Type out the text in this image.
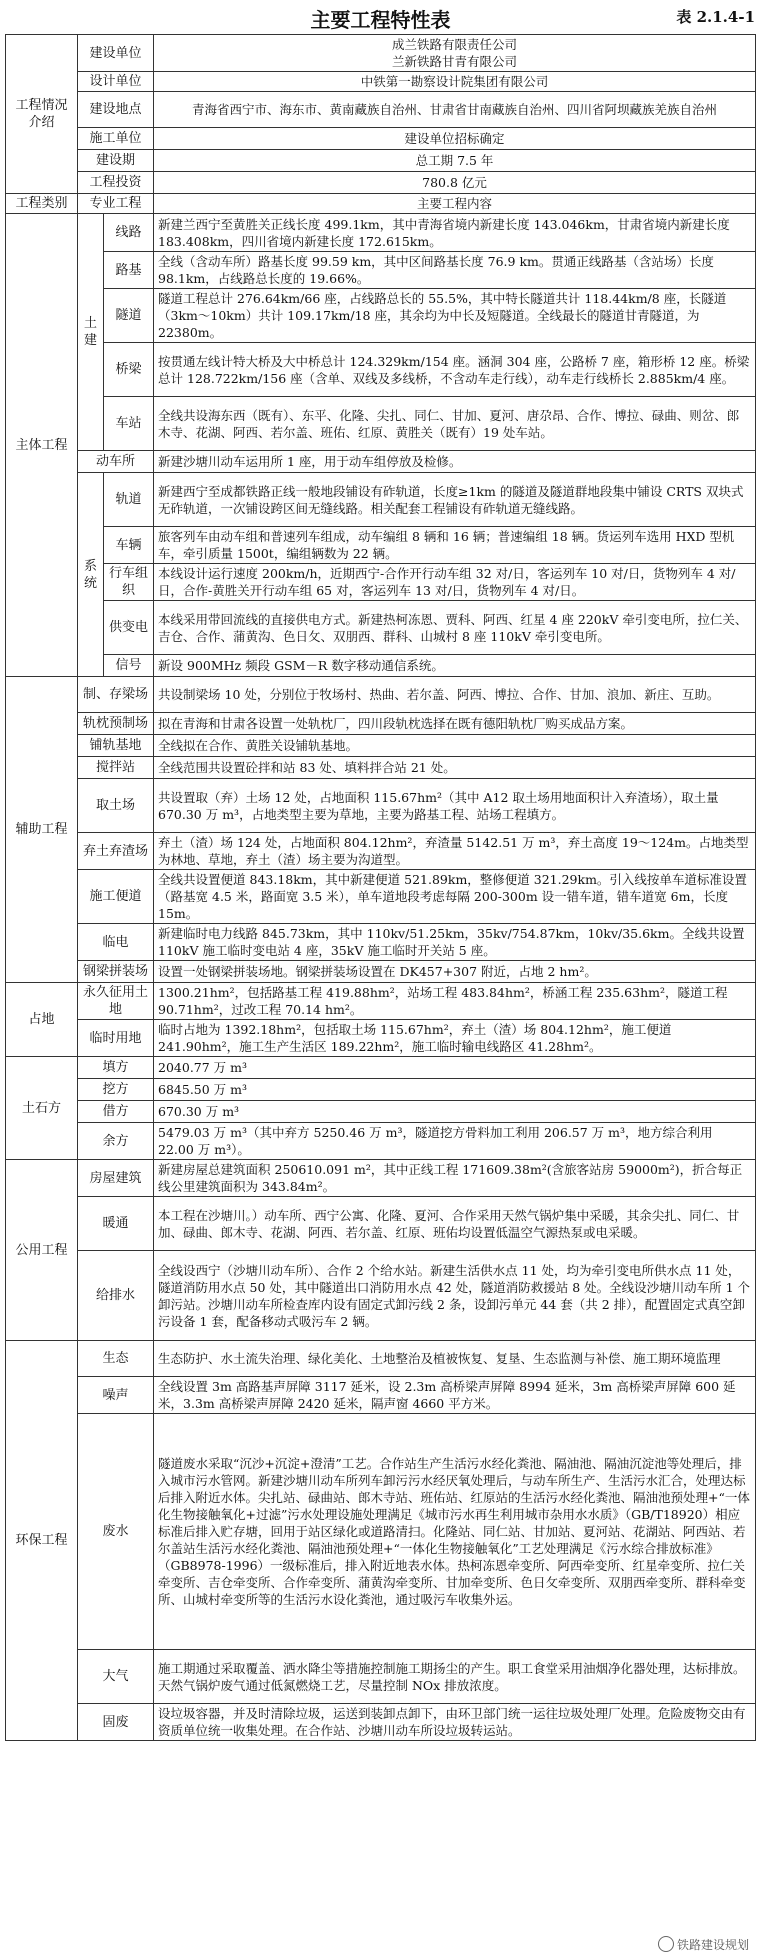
主要工程特性表	表 2.1.4-1
工程情况介绍	建设单位		成兰铁路有限责任公司
兰新铁路甘青有限公司
	设计单位		中铁第一勘察设计院集团有限公司
	建设地点		青海省西宁市、海东市、黄南藏族自治州、甘肃省甘南藏族自治州、四川省阿坝藏族羌族自治州
	施工单位		建设单位招标确定
	建设期		总工期 7.5 年
	工程投资		780.8 亿元
工程类别	专业工程		主要工程内容
主体工程	土建	线路	新建兰西宁至黄胜关正线长度 499.1km，其中青海省境内新建长度 143.046km，甘肃省境内新建长度 183.408km，四川省境内新建长度 172.615km。
		路基	全线（含动车所）路基长度 99.59 km，其中区间路基长度 76.9 km。贯通正线路基（含站场）长度 98.1km，占线路总长度的 19.66%。
		隧道	隧道工程总计 276.64km/66 座，占线路总长的 55.5%，其中特长隧道共计 118.44km/8 座，长隧道（3km～10km）共计 109.17km/18 座，其余均为中长及短隧道。全线最长的隧道甘青隧道，为 22380m。
		桥梁	按贯通左线计特大桥及大中桥总计 124.329km/154 座。涵洞 304 座，公路桥 7 座，箱形桥 12 座。桥梁总计 128.722km/156 座（含单、双线及多线桥，不含动车走行线），动车走行线桥长 2.885km/4 座。
		车站	全线共设海东西（既有）、东平、化隆、尖扎、同仁、甘加、夏河、唐尕昂、合作、博拉、碌曲、则岔、郎木寺、花湖、阿西、若尔盖、班佑、红原、黄胜关（既有）19 处车站。
	动车所		新建沙塘川动车运用所 1 座，用于动车组停放及检修。
	系统	轨道	新建西宁至成都铁路正线一般地段铺设有砟轨道，长度≥1km 的隧道及隧道群地段集中铺设 CRTS 双块式无砟轨道，一次铺设跨区间无缝线路。相关配套工程铺设有砟轨道无缝线路。
		车辆	旅客列车由动车组和普速列车组成，动车编组 8 辆和 16 辆；普速编组 18 辆。货运列车选用 HXD 型机车，牵引质量 1500t，编组辆数为 22 辆。
		行车组织	本线设计运行速度 200km/h，近期西宁-合作开行动车组 32 对/日，客运列车 10 对/日，货物列车 4 对/日，合作-黄胜关开行动车组 65 对，客运列车 13 对/日，货物列车 4 对/日。
		供变电	本线采用带回流线的直接供电方式。新建热柯冻恩、贾科、阿西、红星 4 座 220kV 牵引变电所，拉仁关、吉仓、合作、蒲黄沟、色日攵、双朋西、群科、山城村 8 座 110kV 牵引变电所。
		信号	新设 900MHz 频段 GSM－R 数字移动通信系统。
辅助工程	制、存梁场		共设制梁场 10 处，分别位于牧场村、热曲、若尔盖、阿西、博拉、合作、甘加、浪加、新庄、互助。
	轨枕预制场		拟在青海和甘肃各设置一处轨枕厂，四川段轨枕选择在既有德阳轨枕厂购买成品方案。
	铺轨基地		全线拟在合作、黄胜关设铺轨基地。
	搅拌站		全线范围共设置砼拌和站 83 处、填料拌合站 21 处。
	取土场		共设置取（弃）土场 12 处，占地面积 115.67hm²（其中 A12 取土场用地面积计入弃渣场），取土量 670.30 万 m³，占地类型主要为草地，主要为路基工程、站场工程填方。
	弃土弃渣场		弃土（渣）场 124 处，占地面积 804.12hm²，弃渣量 5142.51 万 m³，弃土高度 19～124m。占地类型为林地、草地，弃土（渣）场主要为沟道型。
	施工便道		全线共设置便道 843.18km，其中新建便道 521.89km，整修便道 321.29km。引入线按单车道标准设置（路基宽 4.5 米，路面宽 3.5 米），单车道地段考虑每隔 200-300m 设一错车道，错车道宽 6m，长度 15m。
	临电		新建临时电力线路 845.73km，其中 110kv/51.25km，35kv/754.87km，10kv/35.6km。全线共设置 110kV 施工临时变电站 4 座，35kV 施工临时开关站 5 座。
	钢梁拼装场		设置一处钢梁拼装场地。钢梁拼装场设置在 DK457+307 附近，占地 2 hm²。
占地	永久征用土地		1300.21hm²，包括路基工程 419.88hm²，站场工程 483.84hm²，桥涵工程 235.63hm²，隧道工程 90.71hm²，过改工程 70.14 hm²。
	临时用地		临时占地为 1392.18hm²，包括取土场 115.67hm²，弃土（渣）场 804.12hm²，施工便道 241.90hm²，施工生产生活区 189.22hm²，施工临时输电线路区 41.28hm²。
土石方	填方		2040.77 万 m³
	挖方		6845.50 万 m³
	借方		670.30 万 m³
	余方		5479.03 万 m³（其中弃方 5250.46 万 m³，隧道挖方骨料加工利用 206.57 万 m³，地方综合利用 22.00 万 m³）。
公用工程	房屋建筑		新建房屋总建筑面积 250610.091 m²，其中正线工程 171609.38m²(含旅客站房 59000m²)，折合每正线公里建筑面积为 343.84m²。
	暖通		本工程在沙塘川。）动车所、西宁公寓、化隆、夏河、合作采用天然气锅炉集中采暖，其余尖扎、同仁、甘加、碌曲、郎木寺、花湖、阿西、若尔盖、红原、班佑均设置低温空气源热泵或电采暖。
	给排水		全线设西宁（沙塘川动车所）、合作 2 个给水站。新建生活供水点 11 处，均为牵引变电所供水点 11 处，隧道消防用水点 50 处，其中隧道出口消防用水点 42 处，隧道消防救援站 8 处。全线设沙塘川动车所 1 个卸污站。沙塘川动车所检查库内设有固定式卸污线 2 条，设卸污单元 44 套（共 2 排），配置固定式真空卸污设备 1 套，配备移动式吸污车 2 辆。
环保工程	生态		生态防护、水土流失治理、绿化美化、土地整治及植被恢复、复垦、生态监测与补偿、施工期环境监理
	噪声		全线设置 3m 高路基声屏障 3117 延米，设 2.3m 高桥梁声屏障 8994 延米，3m 高桥梁声屏障 600 延米，3.3m 高桥梁声屏障 2420 延米，隔声窗 4660 平方米。
	废水		隧道废水采取“沉沙+沉淀+澄清”工艺。合作站生产生活污水经化粪池、隔油池、隔油沉淀池等处理后，排入城市污水管网。新建沙塘川动车所列车卸污污水经厌氧处理后，与动车所生产、生活污水汇合，处理达标后排入附近水体。尖扎站、碌曲站、郎木寺站、班佑站、红原站的生活污水经化粪池、隔油池预处理+“一体化生物接触氧化+过滤”污水处理设施处理满足《城市污水再生利用城市杂用水水质》（GB/T18920）相应标准后排入贮存塘，回用于站区绿化或道路清扫。化隆站、同仁站、甘加站、夏河站、花湖站、阿西站、若尔盖站生活污水经化粪池、隔油池预处理+“一体化生物接触氧化”工艺处理满足《污水综合排放标准》（GB8978-1996）一级标准后，排入附近地表水体。热柯冻恩牵变所、阿西牵变所、红星牵变所、拉仁关牵变所、吉仓牵变所、合作牵变所、蒲黄沟牵变所、甘加牵变所、色日攵牵变所、双朋西牵变所、群科牵变所、山城村牵变所等的生活污水设化粪池，通过吸污车收集外运。
	大气		施工期通过采取覆盖、洒水降尘等措施控制施工期扬尘的产生。职工食堂采用油烟净化器处理，达标排放。天然气锅炉废气通过低氮燃烧工艺，尽量控制 NOx 排放浓度。
	固废		设垃圾容器，并及时清除垃圾，运送到装卸点卸下，由环卫部门统一运往垃圾处理厂处理。危险废物交由有资质单位统一收集处理。在合作站、沙塘川动车所设垃圾转运站。
铁路建设规划
